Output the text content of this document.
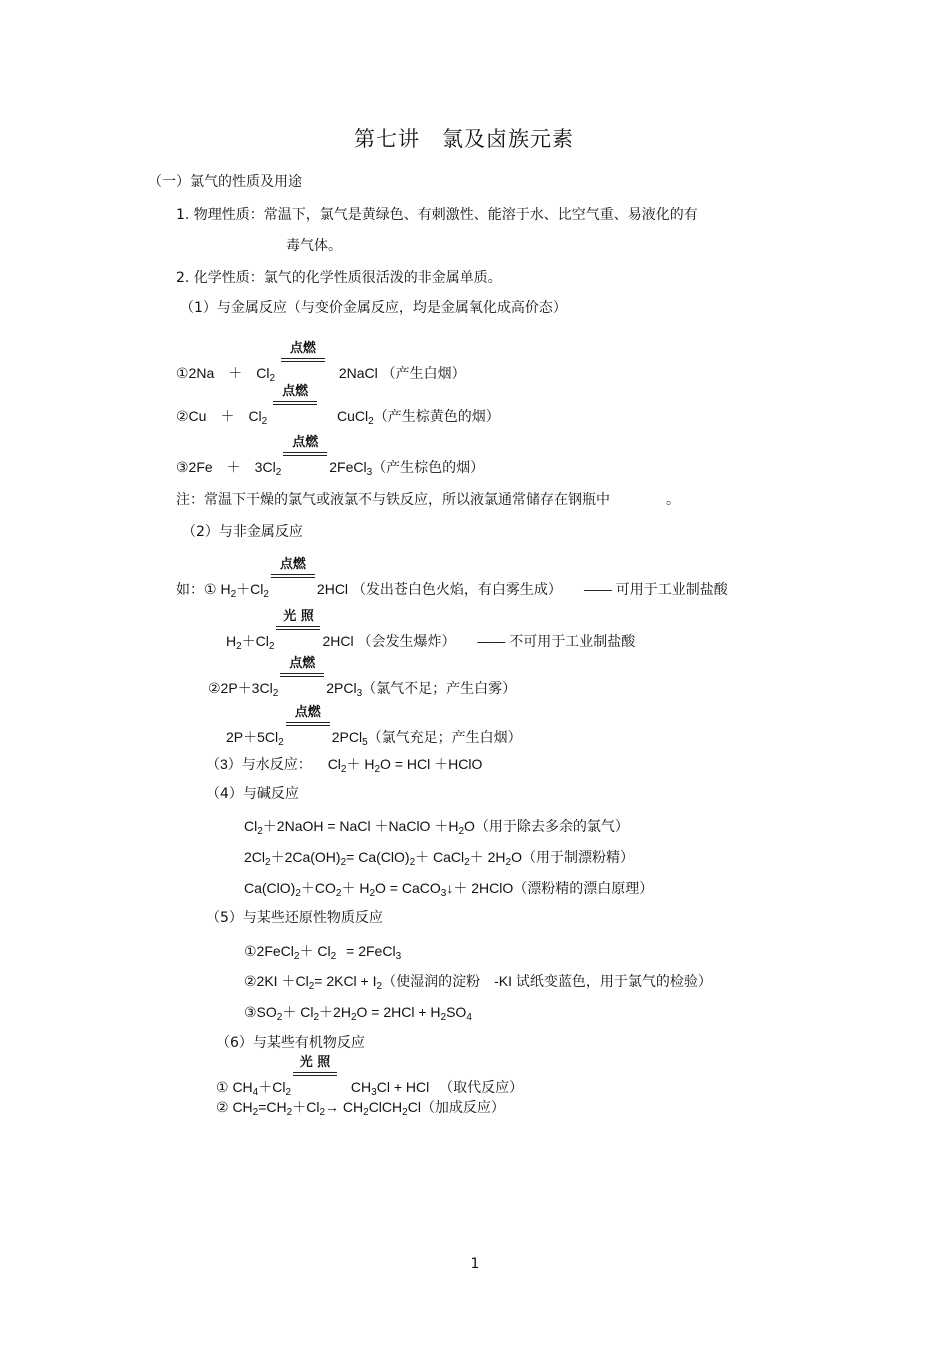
第七讲　氯及卤族元素
（一）氯气的性质及用途
1. 物理性质：常温下，氯气是黄绿色、有刺激性、能溶于水、比空气重、易液化的有
毒气体。
2. 化学性质：氯气的化学性质很活泼的非金属单质。
（1）与金属反应（与变价金属反应，均是金属氧化成高价态）
①2Na　＋　$Cl_2$
点燃
2NaCl （产生白烟）
②Cu　＋　$Cl_2$
点燃
CuCl$_2$（产生棕黄色的烟）
③2Fe　＋　$3Cl_2$
点燃
2FeCl$_3$（产生棕色的烟）
注：常温下干燥的氯气或液氯不与铁反应，所以液氯通常储存在钢瓶中	。
（2）与非金属反应
如：① $H_2+Cl_2$
点燃
2HCl （发出苍白色火焰，有白雾生成） —— 可用于工业制盐酸
$H_2+Cl_2$
光 照
2HCl （会发生爆炸） —— 不可用于工业制盐酸
$②2P+3Cl_2$
点燃
2PCl$_3$（氯气不足；产生白雾）
$2P+5Cl_2$
点燃
2PCl$_5$（氯气充足；产生白烟）
（3）与水反应： $Cl_2+ H_2O$ = HCl ＋HClO
（4）与碱反应
$Cl_2+2NaOH$ = NaCl ＋NaClO $+H_2O$（用于除去多余的氯气）
$2Cl_2+2Ca(OH)_2= Ca(ClO)_2+$ CaCl$_2$＋ $2H_2O$（用于制漂粉精）
$Ca(ClO)_2+CO_2+ H_2O$ = CaCO$_3$↓＋ 2HClO（漂粉精的漂白原理）
（5）与某些还原性物质反应
①2FeCl$_2$＋ $Cl_2$ = 2FeCl$_3$
②2KI $+Cl_2= 2KCl + I_2$（使湿润的淀粉　-KI 试纸变蓝色，用于氯气的检验）
$③SO_2+ Cl_2+2H_2O = 2HCl + H_2SO_4$
（6）与某些有机物反应
① $CH_4+Cl_2$
光 照
$CH_3Cl$ + HCl （取代反应）
② $CH_2=CH_2+Cl_2\to$ $CH_2ClCH_2Cl$（加成反应）
1
